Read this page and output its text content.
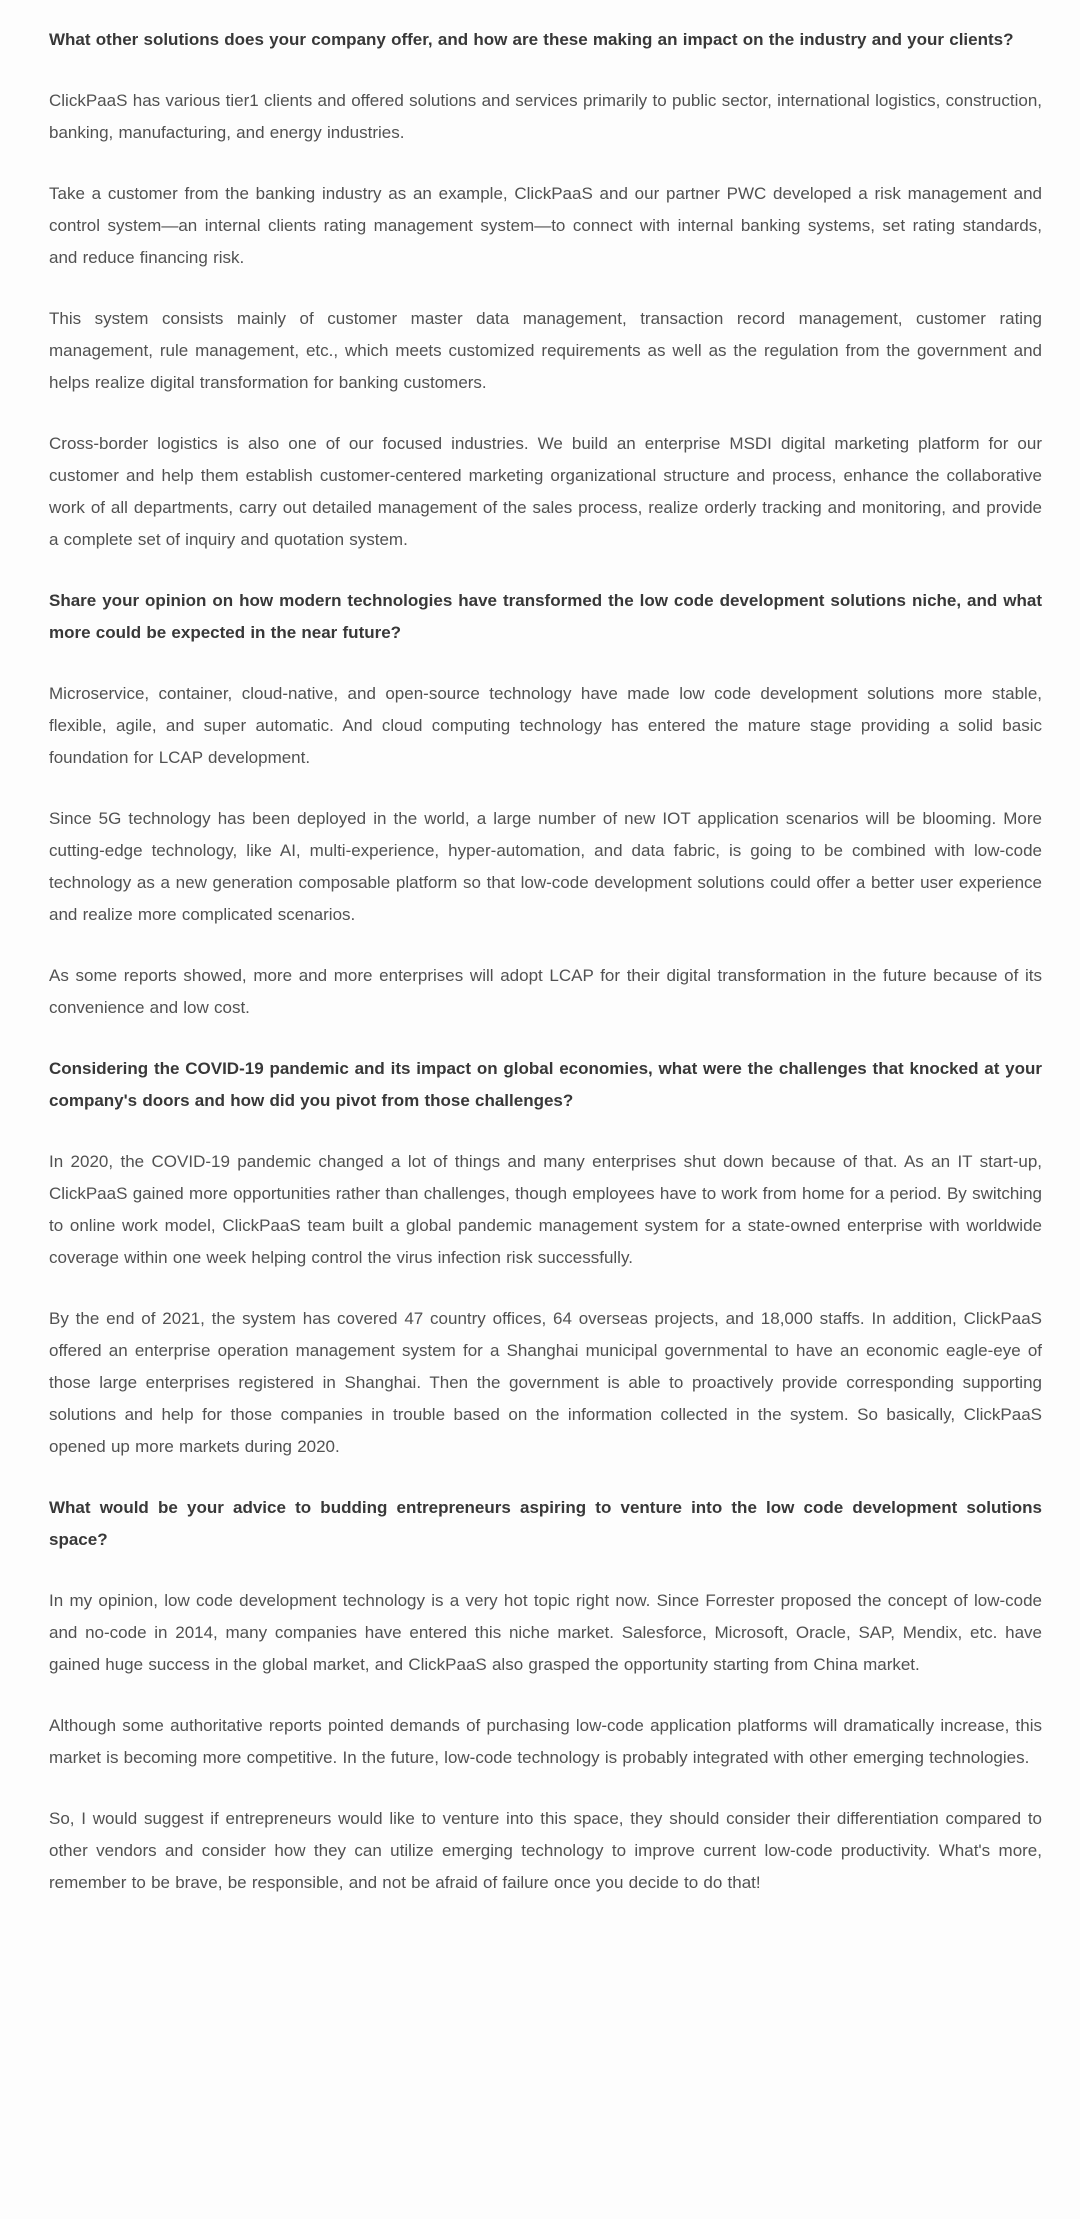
What other solutions does your company offer, and how are these making an impact on the industry and your clients?

ClickPaaS has various tier1 clients and offered solutions and services primarily to public sector, international logistics, construction, banking, manufacturing, and energy industries.

Take a customer from the banking industry as an example, ClickPaaS and our partner PWC developed a risk management and control system—an internal clients rating management system—to connect with internal banking systems, set rating standards, and reduce financing risk.

This system consists mainly of customer master data management, transaction record management, customer rating management, rule management, etc., which meets customized requirements as well as the regulation from the government and helps realize digital transformation for banking customers.

Cross-border logistics is also one of our focused industries. We build an enterprise MSDI digital marketing platform for our customer and help them establish customer-centered marketing organizational structure and process, enhance the collaborative work of all departments, carry out detailed management of the sales process, realize orderly tracking and monitoring, and provide a complete set of inquiry and quotation system.

Share your opinion on how modern technologies have transformed the low code development solutions niche, and what more could be expected in the near future?

Microservice, container, cloud-native, and open-source technology have made low code development solutions more stable, flexible, agile, and super automatic. And cloud computing technology has entered the mature stage providing a solid basic foundation for LCAP development.

Since 5G technology has been deployed in the world, a large number of new IOT application scenarios will be blooming. More cutting-edge technology, like AI, multi-experience, hyper-automation, and data fabric, is going to be combined with low-code technology as a new generation composable platform so that low-code development solutions could offer a better user experience and realize more complicated scenarios.

As some reports showed, more and more enterprises will adopt LCAP for their digital transformation in the future because of its convenience and low cost.

Considering the COVID-19 pandemic and its impact on global economies, what were the challenges that knocked at your company's doors and how did you pivot from those challenges?

In 2020, the COVID-19 pandemic changed a lot of things and many enterprises shut down because of that. As an IT start-up, ClickPaaS gained more opportunities rather than challenges, though employees have to work from home for a period. By switching to online work model, ClickPaaS team built a global pandemic management system for a state-owned enterprise with worldwide coverage within one week helping control the virus infection risk successfully.

By the end of 2021, the system has covered 47 country offices, 64 overseas projects, and 18,000 staffs. In addition, ClickPaaS offered an enterprise operation management system for a Shanghai municipal governmental to have an economic eagle-eye of those large enterprises registered in Shanghai. Then the government is able to proactively provide corresponding supporting solutions and help for those companies in trouble based on the information collected in the system. So basically, ClickPaaS opened up more markets during 2020.

What would be your advice to budding entrepreneurs aspiring to venture into the low code development solutions space?

In my opinion, low code development technology is a very hot topic right now. Since Forrester proposed the concept of low-code and no-code in 2014, many companies have entered this niche market. Salesforce, Microsoft, Oracle, SAP, Mendix, etc. have gained huge success in the global market, and ClickPaaS also grasped the opportunity starting from China market.

Although some authoritative reports pointed demands of purchasing low-code application platforms will dramatically increase, this market is becoming more competitive. In the future, low-code technology is probably integrated with other emerging technologies.

So, I would suggest if entrepreneurs would like to venture into this space, they should consider their differentiation compared to other vendors and consider how they can utilize emerging technology to improve current low-code productivity. What's more, remember to be brave, be responsible, and not be afraid of failure once you decide to do that!
